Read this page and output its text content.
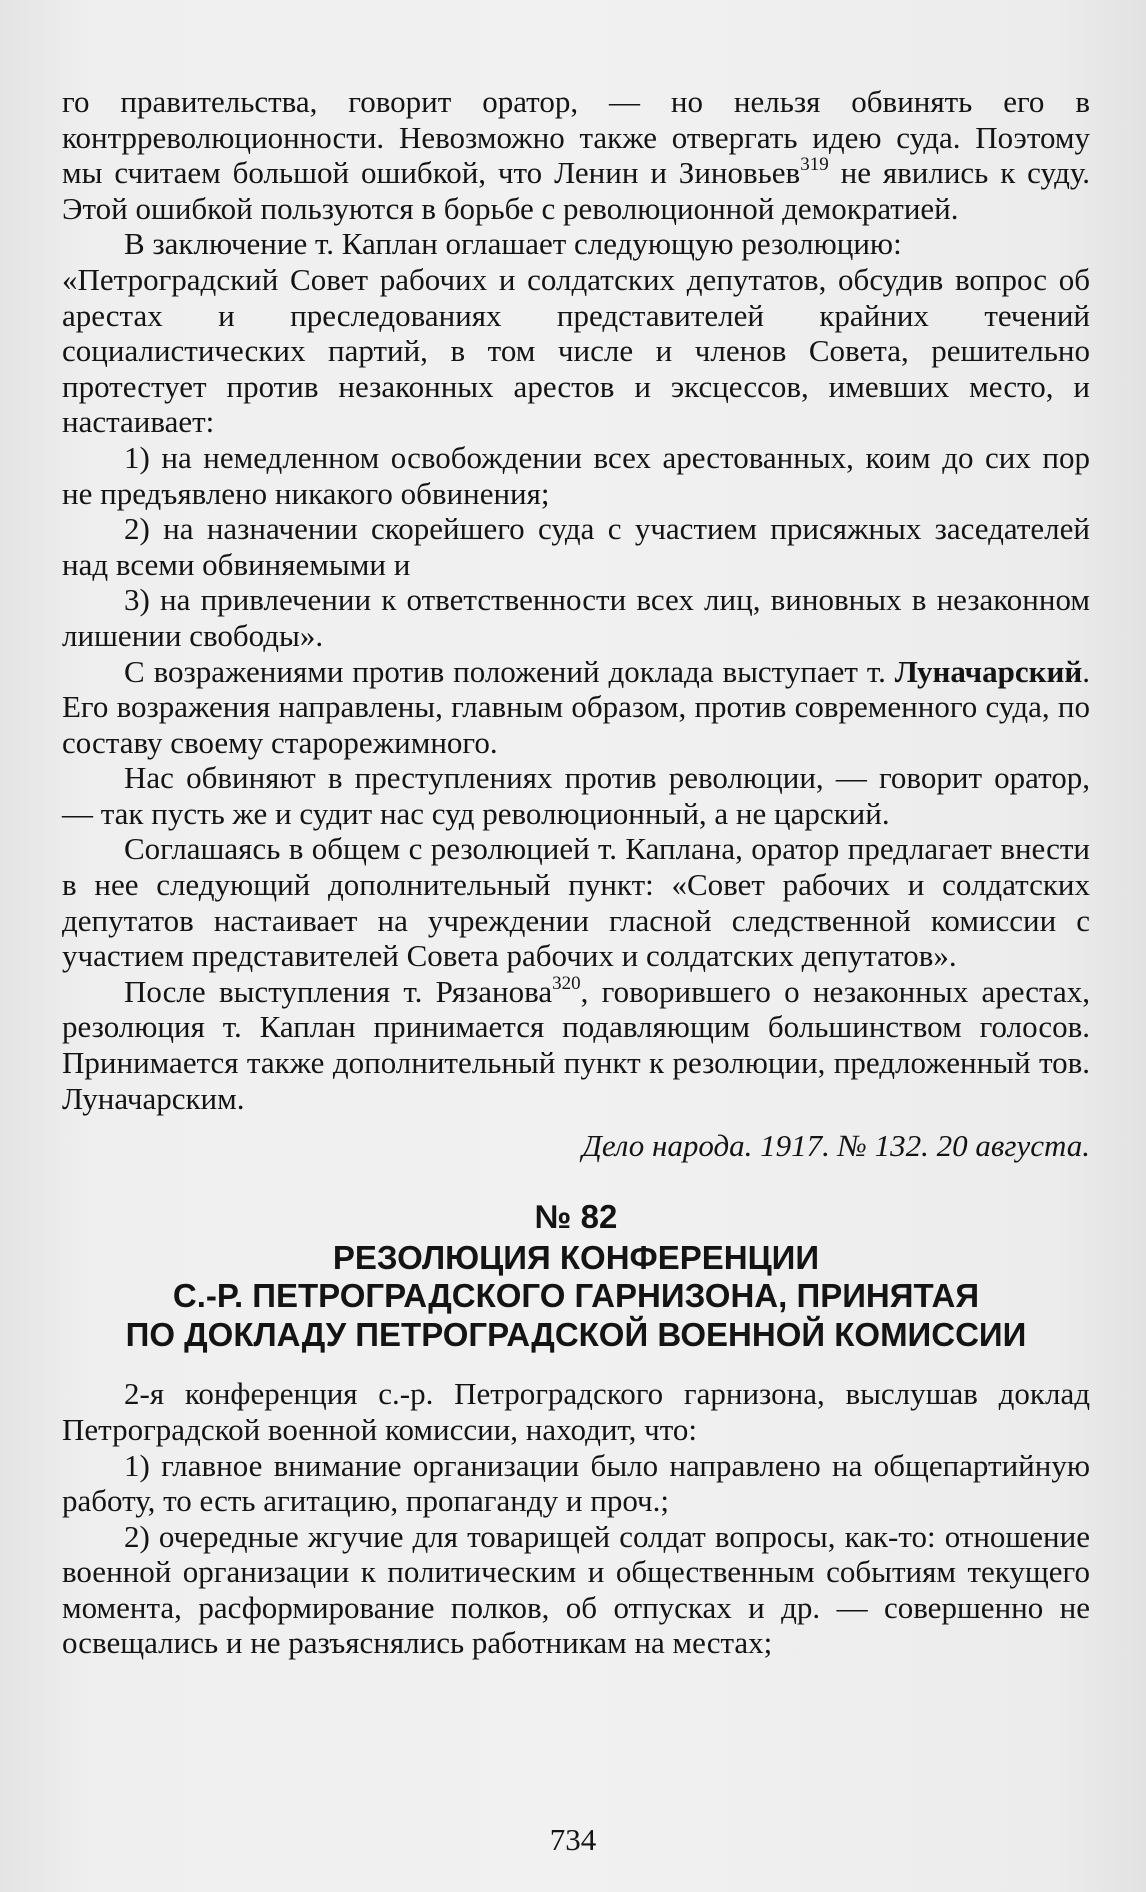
го правительства, говорит оратор, — но нельзя обвинять его в контрреволюционности. Невозможно также отвергать идею суда. Поэтому мы считаем большой ошибкой, что Ленин и Зиновьев$^{319}$ не явились к суду. Этой ошибкой пользуются в борьбе с революционной демократией.

В заключение т. Каплан оглашает следующую резолюцию:

«Петроградский Совет рабочих и солдатских депутатов, обсудив вопрос об арестах и преследованиях представителей крайних течений социалистических партий, в том числе и членов Совета, решительно протестует против незаконных арестов и эксцессов, имевших место, и настаивает:

1) на немедленном освобождении всех арестованных, коим до сих пор не предъявлено никакого обвинения;

2) на назначении скорейшего суда с участием присяжных заседателей над всеми обвиняемыми и

3) на привлечении к ответственности всех лиц, виновных в незаконном лишении свободы».

С возражениями против положений доклада выступает т. Луначарский. Его возражения направлены, главным образом, против современного суда, по составу своему старорежимного.

Нас обвиняют в преступлениях против революции, — говорит оратор, — так пусть же и судит нас суд революционный, а не царский.

Соглашаясь в общем с резолюцией т. Каплана, оратор предлагает внести в нее следующий дополнительный пункт: «Совет рабочих и солдатских депутатов настаивает на учреждении гласной следственной комиссии с участием представителей Совета рабочих и солдатских депутатов».

После выступления т. Рязанова$^{320}$, говорившего о незаконных арестах, резолюция т. Каплан принимается подавляющим большинством голосов. Принимается также дополнительный пункт к резолюции, предложенный тов. Луначарским.

Дело народа. 1917. № 132. 20 августа.

№ 82

РЕЗОЛЮЦИЯ КОНФЕРЕНЦИИ
С.-Р. ПЕТРОГРАДСКОГО ГАРНИЗОНА, ПРИНЯТАЯ
ПО ДОКЛАДУ ПЕТРОГРАДСКОЙ ВОЕННОЙ КОМИССИИ

2-я конференция с.-р. Петроградского гарнизона, выслушав доклад Петроградской военной комиссии, находит, что:

1) главное внимание организации было направлено на общепартийную работу, то есть агитацию, пропаганду и проч.;

2) очередные жгучие для товарищей солдат вопросы, как-то: отношение военной организации к политическим и общественным событиям текущего момента, расформирование полков, об отпусках и др. — совершенно не освещались и не разъяснялись работникам на местах;

734
